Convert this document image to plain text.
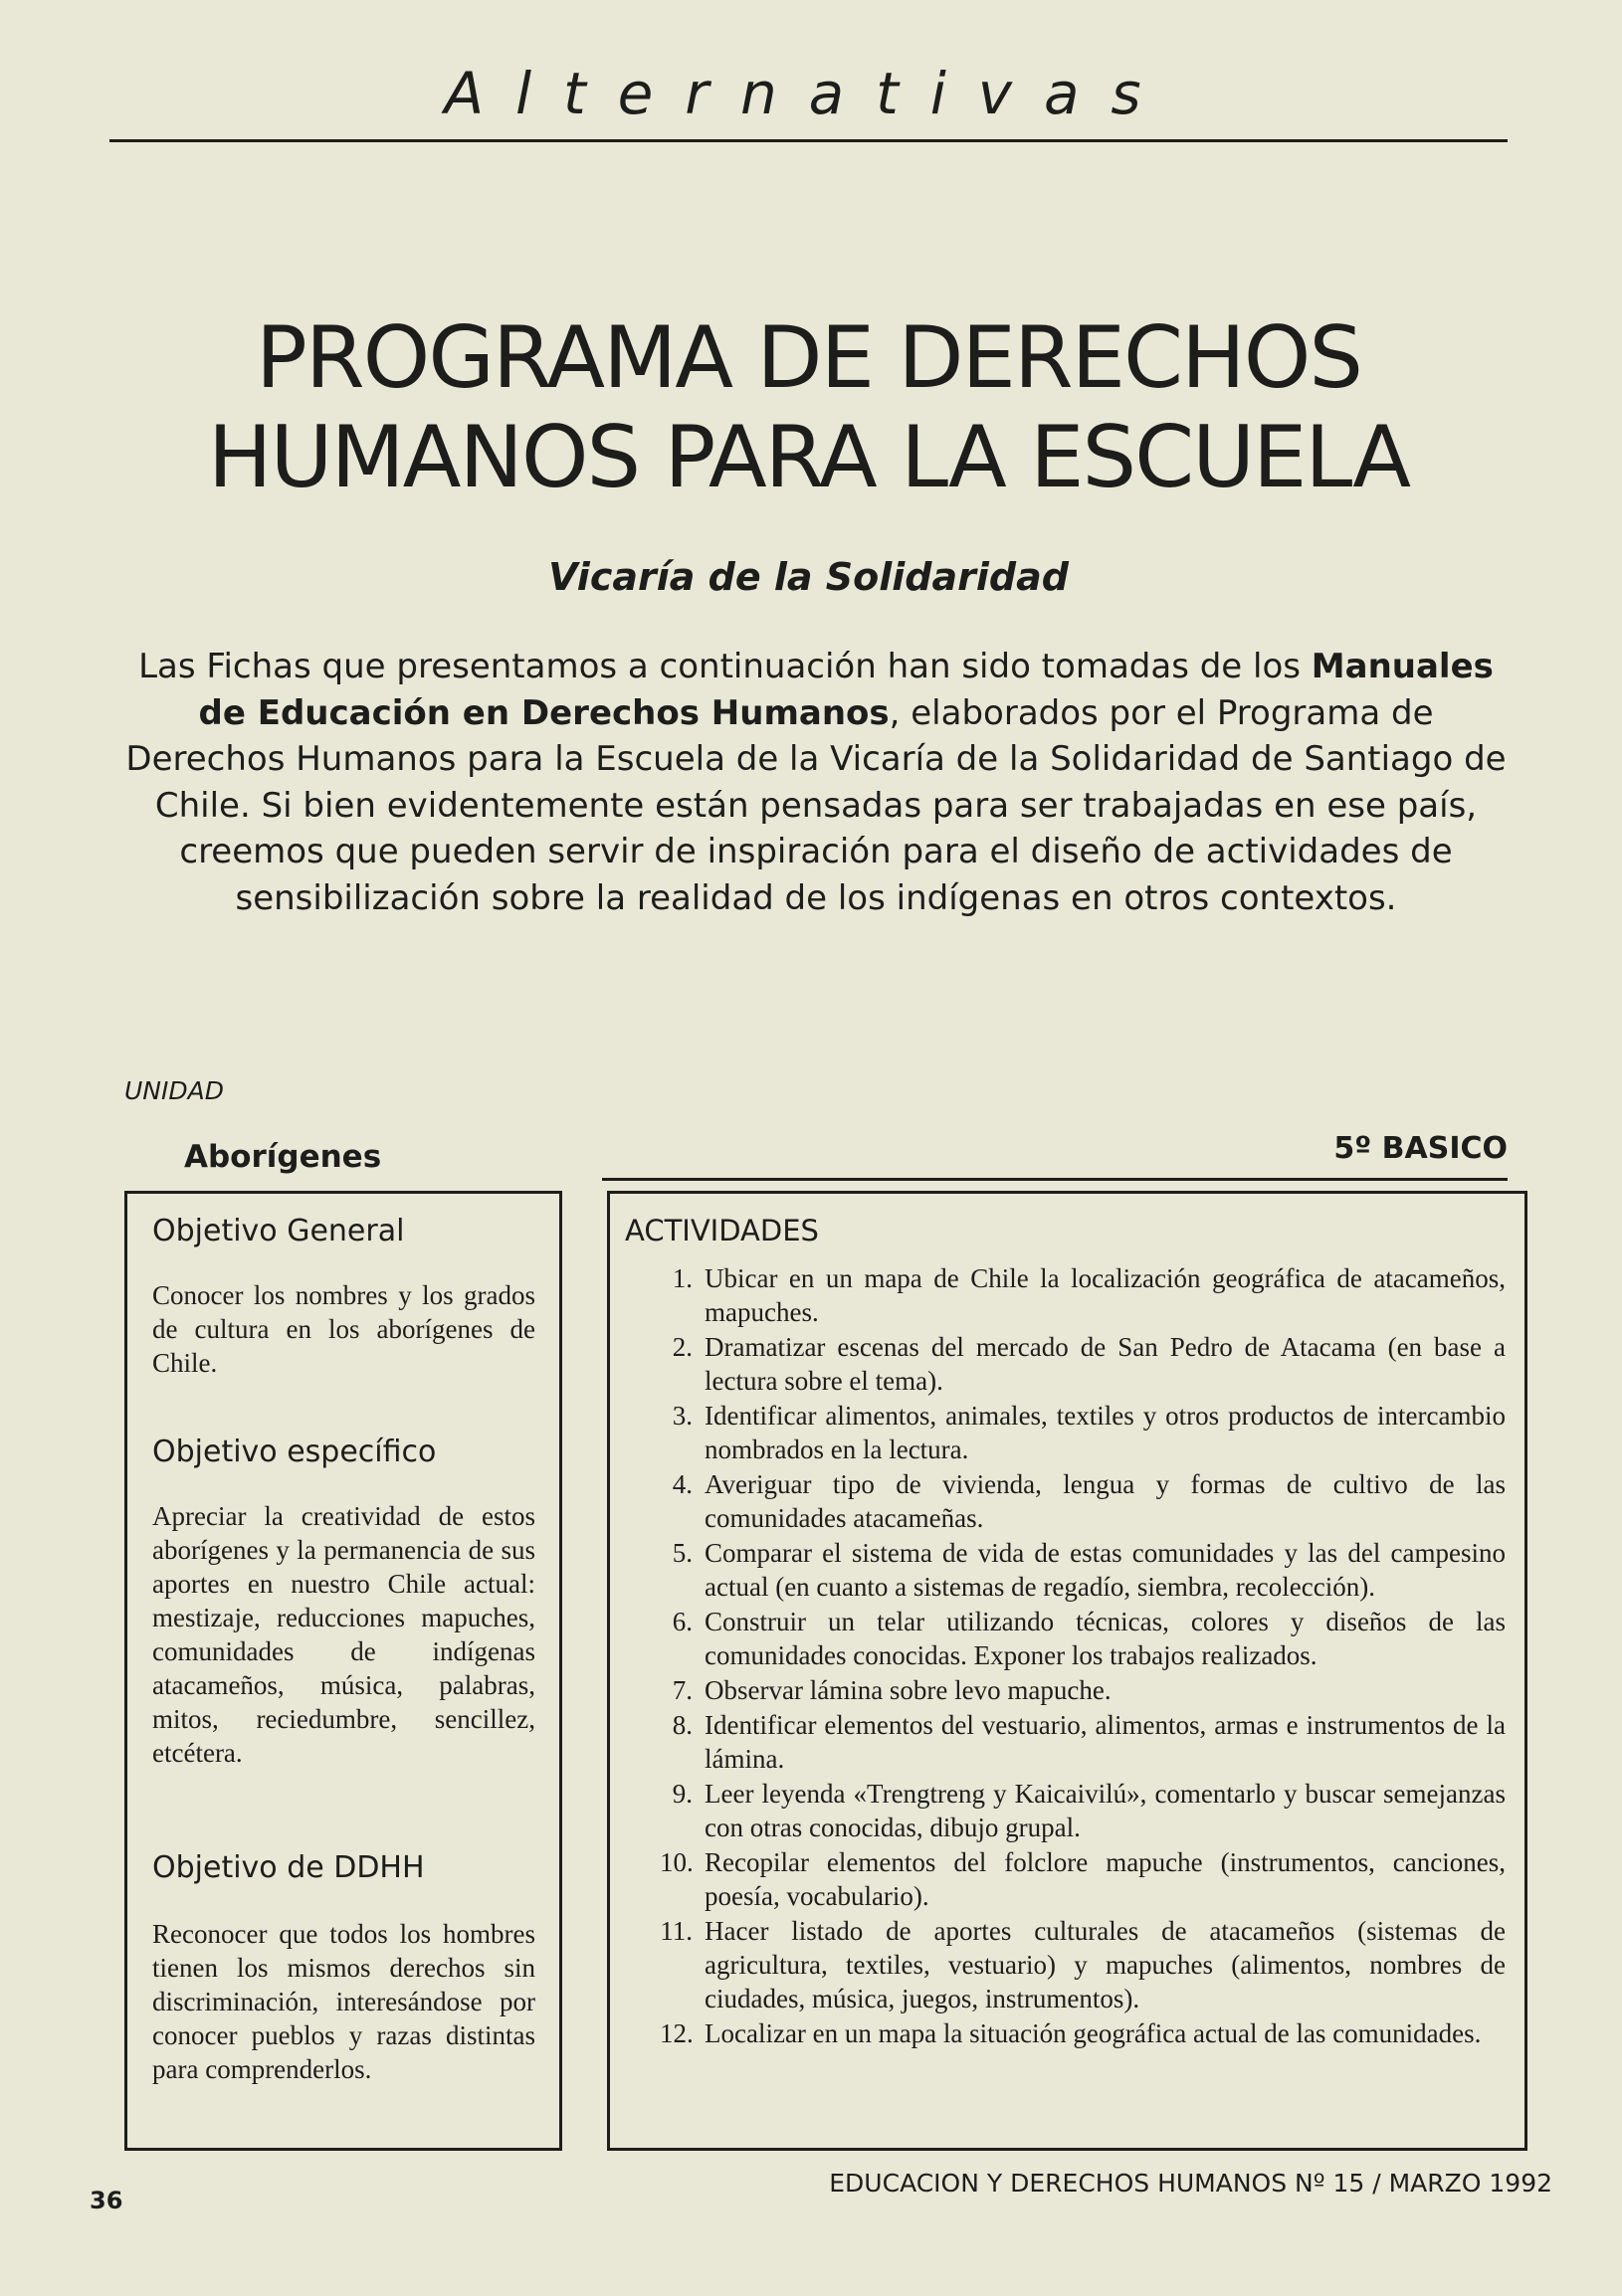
Alternativas
PROGRAMA DE DERECHOS
HUMANOS PARA LA ESCUELA
Vicaría de la Solidaridad
Las Fichas que presentamos a continuación han sido tomadas de los Manuales de Educación en Derechos Humanos, elaborados por el Programa de Derechos Humanos para la Escuela de la Vicaría de la Solidaridad de Santiago de Chile. Si bien evidentemente están pensadas para ser trabajadas en ese país, creemos que pueden servir de inspiración para el diseño de actividades de sensibilización sobre la realidad de los indígenas en otros contextos.
UNIDAD
Aborígenes	5º BASICO
Objetivo General
Conocer los nombres y los grados de cultura en los aborígenes de Chile.
Objetivo específico
Apreciar la creatividad de estos aborígenes y la permanencia de sus aportes en nuestro Chile actual: mestizaje, reducciones mapuches, comunidades de indígenas atacameños, música, palabras, mitos, reciedumbre, sencillez, etcétera.
Objetivo de DDHH
Reconocer que todos los hombres tienen los mismos derechos sin discriminación, interesándose por conocer pueblos y razas distintas para comprenderlos.
ACTIVIDADES
1. Ubicar en un mapa de Chile la localización geográfica de atacameños, mapuches.
2. Dramatizar escenas del mercado de San Pedro de Atacama (en base a lectura sobre el tema).
3. Identificar alimentos, animales, textiles y otros productos de intercambio nombrados en la lectura.
4. Averiguar tipo de vivienda, lengua y formas de cultivo de las comunidades atacameñas.
5. Comparar el sistema de vida de estas comunidades y las del campesino actual (en cuanto a sistemas de regadío, siembra, recolección).
6. Construir un telar utilizando técnicas, colores y diseños de las comunidades conocidas. Exponer los trabajos realizados.
7. Observar lámina sobre levo mapuche.
8. Identificar elementos del vestuario, alimentos, armas e instrumentos de la lámina.
9. Leer leyenda «Trengtreng y Kaicaivilú», comentarlo y buscar semejanzas con otras conocidas, dibujo grupal.
10. Recopilar elementos del folclore mapuche (instrumentos, canciones, poesía, vocabulario).
11. Hacer listado de aportes culturales de atacameños (sistemas de agricultura, textiles, vestuario) y mapuches (alimentos, nombres de ciudades, música, juegos, instrumentos).
12. Localizar en un mapa la situación geográfica actual de las comunidades.
36
EDUCACION Y DERECHOS HUMANOS Nº 15 / MARZO 1992
